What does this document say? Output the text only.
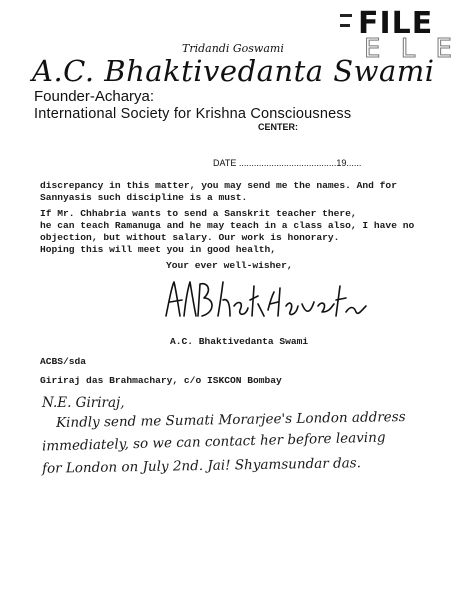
FILE
E L E
Tridandi Goswami
A.C. Bhaktivedanta Swami
Founder-Acharya:
International Society for Krishna Consciousness
CENTER:
DATE .......................................19......
discrepancy in this matter, you may send me the names. And for
Sannyasis such discipline is a must.
If Mr. Chhabria wants to send a Sanskrit teacher there,
he can teach Ramanuga and he may teach in a class also, I have no
objection, but without salary. Our work is honorary.
Hoping this will meet you in good health,
Your ever well-wisher,
A.C. Bhaktivedanta Swami
ACBS/sda
Giriraj das Brahmachary, c/o ISKCON Bombay
N.E. Giriraj,
Kindly send me Sumati Morarjee's London address
immediately, so we can contact her before leaving
for London on July 2nd. Jai! Shyamsundar das.
